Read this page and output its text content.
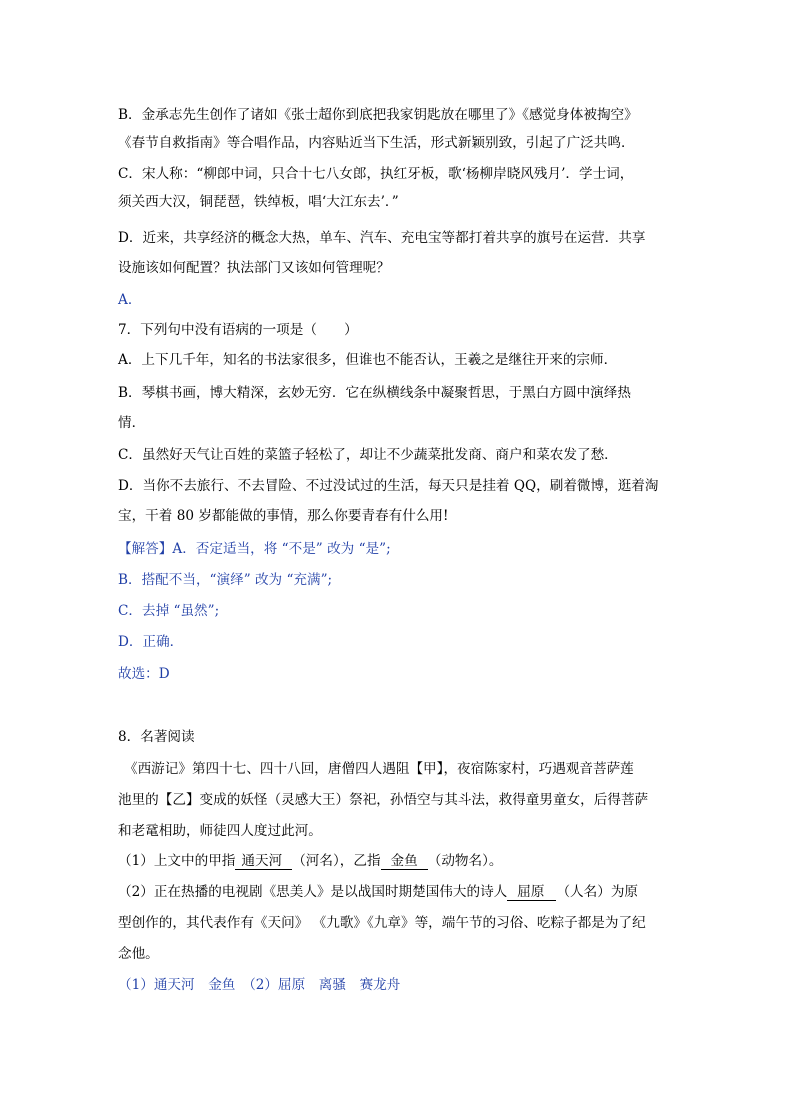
B．金承志先生创作了诸如《张士超你到底把我家钥匙放在哪里了》《感觉身体被掏空》
《春节自救指南》等合唱作品，内容贴近当下生活，形式新颖别致，引起了广泛共鸣．
C．宋人称：“柳郎中词，只合十七八女郎，执红牙板，歌‘杨柳岸晓风残月’．学士词，
须关西大汉，铜琵琶，铁绰板，唱‘大江东去’．”
D．近来，共享经济的概念大热，单车、汽车、充电宝等都打着共享的旗号在运营．共享
设施该如何配置？执法部门又该如何管理呢？
A．
7．下列句中没有语病的一项是（　　）
A．上下几千年，知名的书法家很多，但谁也不能否认，王羲之是继往开来的宗师．
B．琴棋书画，博大精深，玄妙无穷．它在纵横线条中凝聚哲思，于黑白方圆中演绎热
情．
C．虽然好天气让百姓的菜篮子轻松了，却让不少蔬菜批发商、商户和菜农发了愁．
D．当你不去旅行、不去冒险、不过没试过的生活，每天只是挂着 QQ，刷着微博，逛着淘
宝，干着 80 岁都能做的事情，那么你要青春有什么用!
【解答】A．否定适当，将 “不是” 改为 “是”;
B．搭配不当，“演绎” 改为 “充满”;
C．去掉 “虽然”;
D．正确．
故选：D
8．名著阅读
《西游记》第四十七、四十八回，唐僧四人遇阻【甲】，夜宿陈家村，巧遇观音菩萨莲
池里的【乙】变成的妖怪（灵感大王）祭祀，孙悟空与其斗法，救得童男童女，后得菩萨
和老鼋相助，师徒四人度过此河。
（1）上文中的甲指 通天河 （河名），乙指 金鱼 （动物名）。
（2）正在热播的电视剧《思美人》是以战国时期楚国伟大的诗人 屈原 （人名）为原
型创作的，其代表作有《天问》 《九歌》《九章》等，端午节的习俗、吃粽子都是为了纪
念他。
（1）通天河　金鱼　（2）屈原　离骚　赛龙舟
